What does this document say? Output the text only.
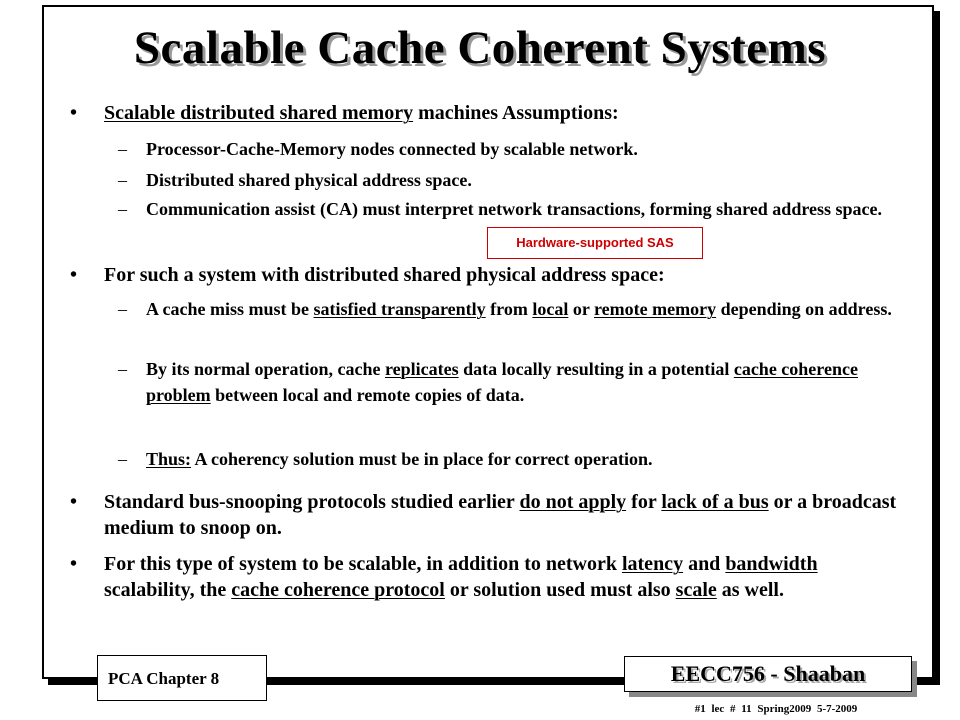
Scalable Cache Coherent Systems
• Scalable distributed shared memory machines Assumptions:
– Processor-Cache-Memory nodes connected by scalable network.
– Distributed shared physical address space.
– Communication assist (CA) must interpret network transactions, forming shared address space.
Hardware-supported SAS
• For such a system with distributed shared physical address space:
– A cache miss must be satisfied transparently from local or remote memory depending on address.
– By its normal operation, cache replicates data locally resulting in a potential cache coherence problem between local and remote copies of data.
– Thus: A coherency solution must be in place for correct operation.
• Standard bus-snooping protocols studied earlier do not apply for lack of a bus or a broadcast medium to snoop on.
• For this type of system to be scalable, in addition to network latency and bandwidth scalability, the cache coherence protocol or solution used must also scale as well.
PCA Chapter 8	EECC756 - Shaaban
#1 lec # 11 Spring2009 5-7-2009
